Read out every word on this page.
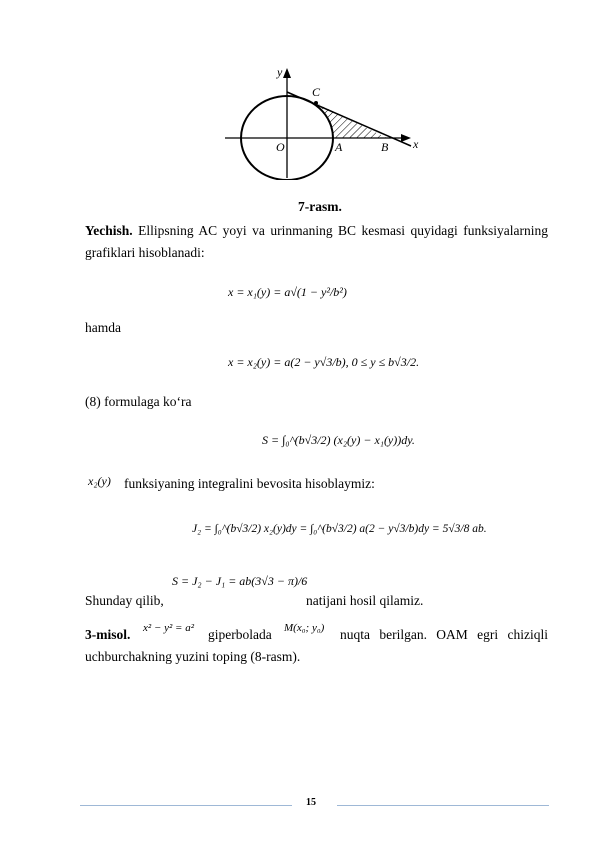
y
x
C
O	A	B
7-rasm.
Yechish. Ellipsning AC yoyi va urinmaning BC kesmasi quyidagi funksiyalarning grafiklari hisoblanadi:
x = x₁(y) = a√(1 − y²/b²)
hamda
x = x₂(y) = a(2 − y√3/b), 0 ≤ y ≤ b√3/2.
(8) formulaga ko‘ra
S = ∫₀^(b√3/2) (x₂(y) − x₁(y))dy.
x₂(y) funksiyaning integralini bevosita hisoblaymiz:
J₂ = ∫₀^(b√3/2) x₂(y)dy = ∫₀^(b√3/2) a(2 − y√3/b)dy = 5√3/8 ab.
Shunday qilib,
S = J₂ − J₁ = ab(3√3 − π)/6
natijani hosil qilamiz.
3-misol. x² − y² = a² giperbolada M(x₀; y₀) nuqta berilgan. OAM egri chiziqli
uchburchakning yuzini toping (8-rasm).
15
